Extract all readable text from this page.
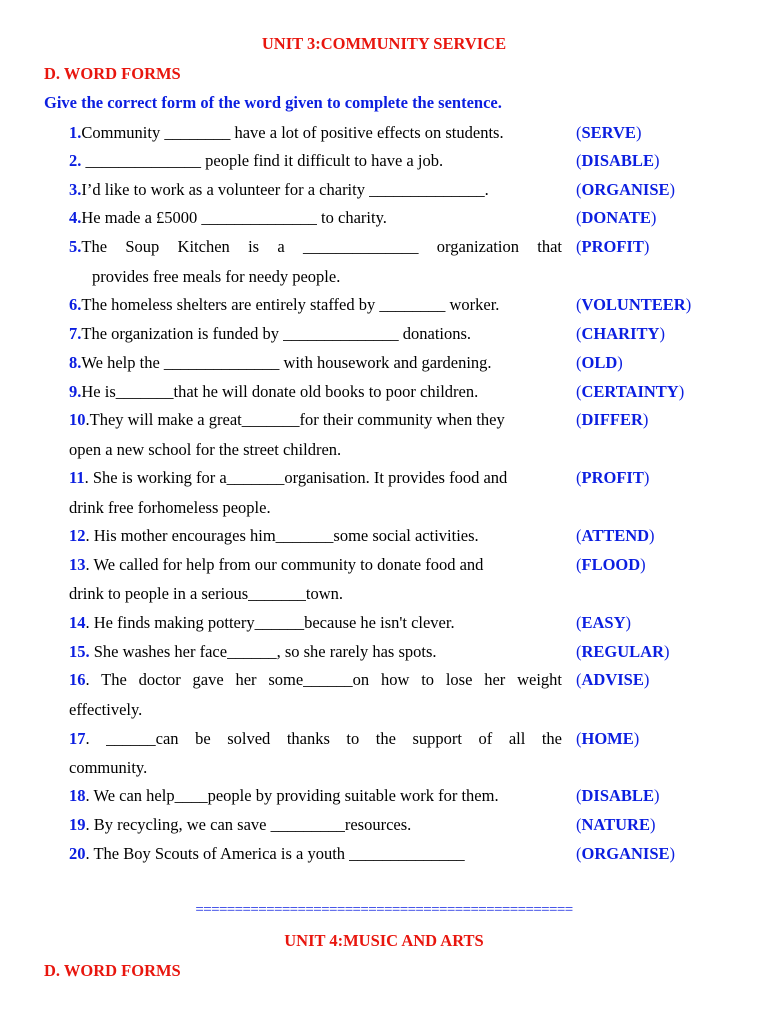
UNIT 3:COMMUNITY SERVICE
D. WORD FORMS
Give the correct form of the word given to complete the sentence.
1.Community ________ have a lot of positive effects on students.	(SERVE)
2. ______________ people find it difficult to have a job.	(DISABLE)
3.I’d like to work as a volunteer for a charity ______________.	(ORGANISE)
4.He made a £5000 ______________ to charity.	(DONATE)
5.The Soup Kitchen is a ______________ organization that
provides free meals for needy people.
(PROFIT)
6.The homeless shelters are entirely staffed by ________ worker.	(VOLUNTEER)
7.The organization is funded by ______________ donations.	(CHARITY)
8.We help the ______________ with housework and gardening.	(OLD)
9.He is_______that he will donate old books to poor children.	(CERTAINTY)
10.They will make a great_______for their community when they
open a new school for the street children.
(DIFFER)
11. She is working for a_______organisation. It provides food and
drink free forhomeless people.
(PROFIT)
12. His mother encourages him_______some social activities.	(ATTEND)
13. We called for help from our community to donate food and
drink to people in a serious_______town.
(FLOOD)
14. He finds making pottery______because he isn't clever.	(EASY)
15. She washes her face______, so she rarely has spots.	(REGULAR)
16. The doctor gave her some______on how to lose her weight
effectively.
(ADVISE)
17. ______can be solved thanks to the support of all the
community.
(HOME)
18. We can help____people by providing suitable work for them.	(DISABLE)
19. By recycling, we can save _________resources.	(NATURE)
20. The Boy Scouts of America is a youth ______________	(ORGANISE)
================================================
UNIT 4:MUSIC AND ARTS
D. WORD FORMS
